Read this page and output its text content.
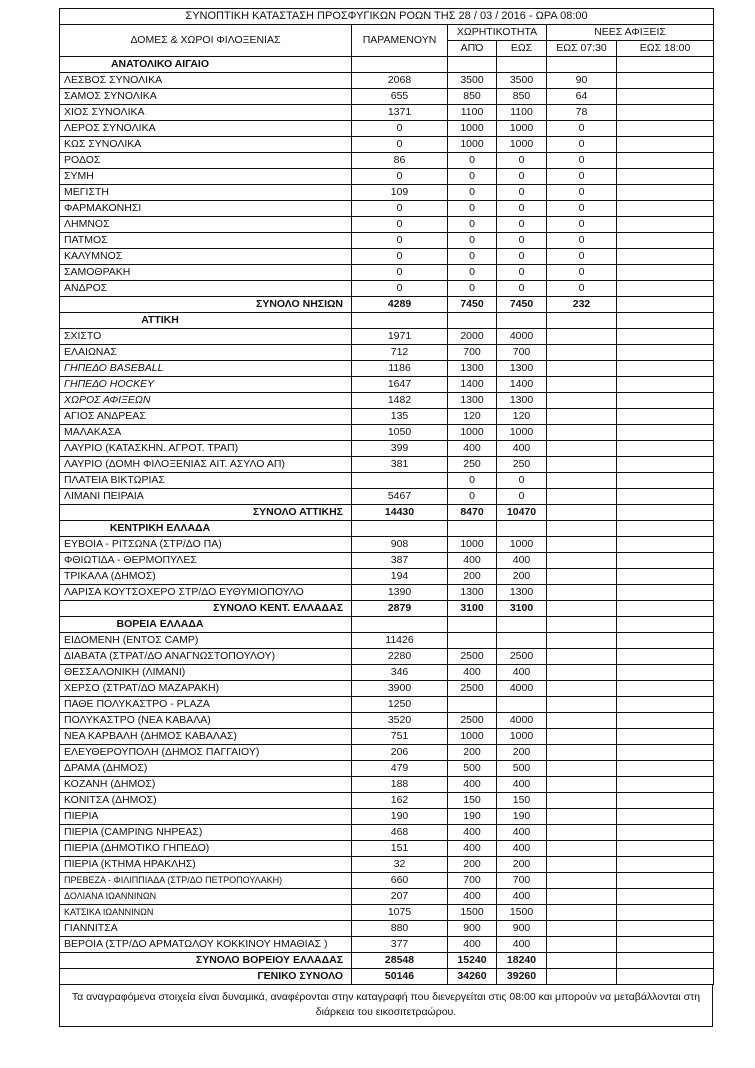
ΣΥΝΟΠΤΙΚΗ ΚΑΤΑΣΤΑΣΗ ΠΡΟΣΦΥΓΙΚΩΝ ΡΟΩΝ ΤΗΣ 28 / 03 / 2016 - ΩΡΑ 08:00					
ΔΟΜΕΣ & ΧΩΡΟΙ ΦΙΛΟΞΕΝΙΑΣ	ΠΑΡΑΜΕΝΟΥΝ	ΧΩΡΗΤΙΚΟΤΗΤΑ		ΝΕΕΣ ΑΦΙΞΕΙΣ	
		ΑΠΌ	ΕΩΣ	ΕΩΣ 07:30	ΕΩΣ 18:00
ΑΝΑΤΟΛΙΚΟ ΑΙΓΑΙΟ					
ΛΕΣΒΟΣ ΣΥΝΟΛΙΚΑ	2068	3500	3500	90	
ΣΑΜΟΣ ΣΥΝΟΛΙΚΑ	655	850	850	64	
ΧΙΟΣ ΣΥΝΟΛΙΚΑ	1371	1100	1100	78	
ΛΕΡΟΣ ΣΥΝΟΛΙΚΑ	0	1000	1000	0	
ΚΩΣ ΣΥΝΟΛΙΚΑ	0	1000	1000	0	
ΡΟΔΟΣ	86	0	0	0	
ΣΥΜΗ	0	0	0	0	
ΜΕΓΙΣΤΗ	109	0	0	0	
ΦΑΡΜΑΚΟΝΗΣΙ	0	0	0	0	
ΛΗΜΝΟΣ	0	0	0	0	
ΠΑΤΜΟΣ	0	0	0	0	
ΚΑΛΥΜΝΟΣ	0	0	0	0	
ΣΑΜΟΘΡΑΚΗ	0	0	0	0	
ΑΝΔΡΟΣ	0	0	0	0	
ΣΥΝΟΛΟ ΝΗΣΙΩΝ	4289	7450	7450	232	
ΑΤΤΙΚΗ					
ΣΧΙΣΤΟ	1971	2000	4000		
ΕΛΑΙΩΝΑΣ	712	700	700		
ΓΗΠΕΔΟ BASEBALL	1186	1300	1300		
ΓΗΠΕΔΟ HOCKEY	1647	1400	1400		
ΧΩΡΟΣ ΑΦΙΞΕΩΝ	1482	1300	1300		
ΑΓΙΟΣ ΑΝΔΡΕΑΣ	135	120	120		
ΜΑΛΑΚΑΣΑ	1050	1000	1000		
ΛΑΥΡΙΟ (ΚΑΤΑΣΚΗΝ. ΑΓΡΟΤ. ΤΡΑΠ)	399	400	400		
ΛΑΥΡΙΟ (ΔΟΜΗ ΦΙΛΟΞΕΝΙΑΣ ΑΙΤ. ΑΣΥΛΟ ΑΠ)	381	250	250		
ΠΛΑΤΕΙΑ ΒΙΚΤΩΡΙΑΣ		0	0		
ΛΙΜΑΝΙ ΠΕΙΡΑΙΑ	5467	0	0		
ΣΥΝΟΛΟ ΑΤΤΙΚΗΣ	14430	8470	10470		
ΚΕΝΤΡΙΚΗ ΕΛΛΑΔΑ					
ΕΥΒΟΙΑ - ΡΙΤΣΩΝΑ (ΣΤΡ/ΔΟ ΠΑ)	908	1000	1000		
ΦΘΙΩΤΙΔΑ - ΘΕΡΜΟΠΥΛΕΣ	387	400	400		
ΤΡΙΚΑΛΑ (ΔΗΜΟΣ)	194	200	200		
ΛΑΡΙΣΑ ΚΟΥΤΣΟΧΕΡΟ ΣΤΡ/ΔΟ ΕΥΘΥΜΙΟΠΟΥΛΟ	1390	1300	1300		
ΣΥΝΟΛΟ ΚΕΝΤ. ΕΛΛΑΔΑΣ	2879	3100	3100		
ΒΟΡΕΙΑ ΕΛΛΑΔΑ					
ΕΙΔΟΜΕΝΗ (ΕΝΤΟΣ CAMP)	11426				
ΔΙΑΒΑΤΑ (ΣΤΡΑΤ/ΔΟ ΑΝΑΓΝΩΣΤΟΠΟΥΛΟΥ)	2280	2500	2500		
ΘΕΣΣΑΛΟΝΙΚΗ (ΛΙΜΑΝΙ)	346	400	400		
ΧΕΡΣΟ (ΣΤΡΑΤ/ΔΟ ΜΑΖΑΡΑΚΗ)	3900	2500	4000		
ΠΑΘΕ ΠΟΛΥΚΑΣΤΡΟ - PLAZA	1250				
ΠΟΛΥΚΑΣΤΡΟ (ΝΕΑ ΚΑΒΑΛΑ)	3520	2500	4000		
ΝΕΑ ΚΑΡΒΑΛΗ (ΔΗΜΟΣ ΚΑΒΑΛΑΣ)	751	1000	1000		
ΕΛΕΥΘΕΡΟΥΠΟΛΗ (ΔΗΜΟΣ ΠΑΓΓΑΙΟΥ)	206	200	200		
ΔΡΑΜΑ (ΔΗΜΟΣ)	479	500	500		
ΚΟΖΑΝΗ (ΔΗΜΟΣ)	188	400	400		
ΚΟΝΙΤΣΑ (ΔΗΜΟΣ)	162	150	150		
ΠΙΕΡΙΑ	190	190	190		
ΠΙΕΡΙΑ (CAMPING ΝΗΡΕΑΣ)	468	400	400		
ΠΙΕΡΙΑ (ΔΗΜΟΤΙΚΟ ΓΗΠΕΔΟ)	151	400	400		
ΠΙΕΡΙΑ (ΚΤΗΜΑ ΗΡΑΚΛΗΣ)	32	200	200		
ΠΡΕΒΕΖΑ - ΦΙΛΙΠΠΙΑΔΑ (ΣΤΡ/ΔΟ ΠΕΤΡΟΠΟΥΛΑΚΗ)	660	700	700		
ΔΟΛΙΑΝΑ ΙΩΑΝΝΙΝΩΝ	207	400	400		
ΚΑΤΣΙΚΑ ΙΩΑΝΝΙΝΩΝ	1075	1500	1500		
ΓΙΑΝΝΙΤΣΑ	880	900	900		
ΒΕΡΟΙΑ (ΣΤΡ/ΔΟ ΑΡΜΑΤΩΛΟΥ ΚΟΚΚΙΝΟΥ ΗΜΑΘΙΑΣ )	377	400	400		
ΣΥΝΟΛΟ ΒΟΡΕΙΟΥ ΕΛΛΑΔΑΣ	28548	15240	18240		
ΓΕΝΙΚΟ ΣΥΝΟΛΟ	50146	34260	39260		
Τα αναγραφόμενα στοιχεία είναι δυναμικά, αναφέρονται στην καταγραφή που διενεργείται στις 08:00 και μπορούν να μεταβάλλονται στη διάρκεια του εικοσιτετραώρου.
